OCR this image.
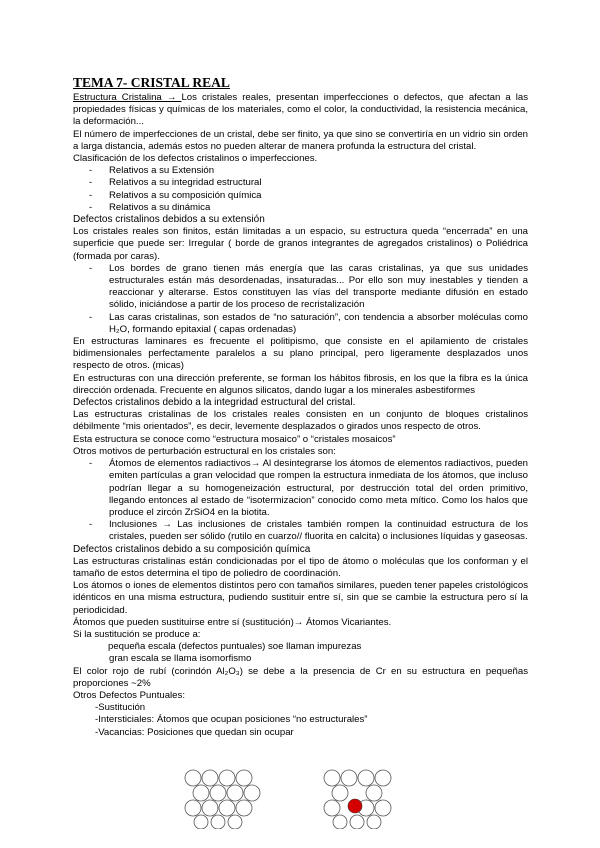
TEMA 7- CRISTAL REAL

Estructura Cristalina → Los cristales reales, presentan imperfecciones o defectos, que afectan a las propiedades físicas y químicas de los materiales, como el color, la conductividad, la resistencia mecánica, la deformación...

El número de imperfecciones de un cristal, debe ser finito, ya que sino se convertiría en un vidrio sin orden a larga distancia, además estos no pueden alterar de manera profunda la estructura del cristal.

Clasificación de los defectos cristalinos o imperfecciones.

- Relativos a su Extensión
- Relativos a su integridad estructural
- Relativos a su composición química
- Relativos a su dinámica

Defectos cristalinos debidos a su extensión

Los cristales reales son finitos, están limitadas a un espacio, su estructura queda “encerrada” en una superficie que puede ser: Irregular ( borde de granos integrantes de agregados cristalinos) o Poliédrica (formada por caras).

- Los bordes de grano tienen más energía que las caras cristalinas, ya que sus unidades estructurales están más desordenadas, insaturadas... Por ello son muy inestables y tienden a reaccionar y alterarse. Estos constituyen las vías del transporte mediante difusión en estado sólido, iniciándose a partir de los proceso de recristalización
- Las caras cristalinas, son estados de “no saturación”, con tendencia a absorber moléculas como H₂O, formando epitaxial ( capas ordenadas)

En estructuras laminares es frecuente el politipismo, que consiste en el apilamiento de cristales bidimensionales perfectamente paralelos a su plano principal, pero ligeramente desplazados unos respecto de otros. (micas)

En estructuras con una dirección preferente, se forman los hábitos fibrosis, en los que la fibra es la única dirección ordenada. Frecuente en algunos silicatos, dando lugar a los minerales asbestiformes

Defectos cristalinos debido a la integridad estructural del cristal.

Las estructuras cristalinas de los cristales reales consisten en un conjunto de bloques cristalinos débilmente “mis orientados”, es decir, levemente desplazados o girados unos respecto de otros.

Esta estructura se conoce como “estructura mosaico” o “cristales mosaicos”

Otros motivos de perturbación estructural en los cristales son:

- Átomos de elementos radiactivos→ Al desintegrarse los átomos de elementos radiactivos, pueden emiten partículas a gran velocidad que rompen la estructura inmediata de los átomos, que incluso podrían llegar a su homogeneización estructural, por destrucción total del orden primitivo, llegando entonces al estado de “isotermizacion” conocido como meta mítico. Como los halos que produce el zircón ZrSiO4 en la biotita.
- Inclusiones → Las inclusiones de cristales también rompen la continuidad estructura de los cristales, pueden ser sólido (rutilo en cuarzo// fluorita en calcita) o inclusiones líquidas y gaseosas.

Defectos cristalinos debido a su composición química

Las estructuras cristalinas están condicionadas por el tipo de átomo o moléculas que los conforman y el tamaño de estos determina el tipo de poliedro de coordinación.

Los átomos o iones de elementos distintos pero con tamaños similares, pueden tener papeles cristológicos idénticos en una misma estructura, pudiendo sustituir entre sí, sin que se cambie la estructura pero sí la periodicidad.

Átomos que pueden sustituirse entre sí (sustitución)→ Átomos Vicariantes.

Si la sustitución se produce a:

pequeña escala (defectos puntuales) soe llaman impurezas

gran escala se llama isomorfismo

El color rojo de rubí (corindón Al₂O₃) se debe a la presencia de Cr en su estructura en pequeñas proporciones ~2%

Otros Defectos Puntuales:

-Sustitución

-Intersticiales: Átomos que ocupan posiciones “no estructurales”

-Vacancias: Posiciones que quedan sin ocupar
